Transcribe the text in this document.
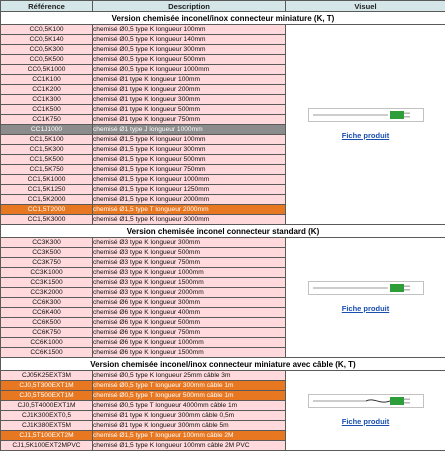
Référence	Description	Visuel
Version chemisée inconel/inox connecteur miniature (K, T)		
CC0,5K100	chemisé Ø0,5 type K longueur 100mm	Fiche produit
CC0,5K140	chemisé Ø0,5 type K longueur 140mm	
CC0,5K300	chemisé Ø0,5 type K longueur 300mm	
CC0,5K500	chemisé Ø0,5 type K longueur 500mm	
CC0,5K1000	chemisé Ø0,5 type K longueur 1000mm	
CC1K100	chemisé Ø1 type K longueur 100mm	
CC1K200	chemisé Ø1 type K longueur 200mm	
CC1K300	chemisé Ø1 type K longueur 300mm	
CC1K500	chemisé Ø1 type K longueur 500mm	
CC1K750	chemisé Ø1 type K longueur 750mm	
CC1J1000	chemisé Ø1 type J longueur 1000mm	
CC1,5K100	chemisé Ø1,5 type K longueur 100mm	
CC1,5K300	chemisé Ø1,5 type K longueur 300mm	
CC1,5K500	chemisé Ø1,5 type K longueur 500mm	
CC1,5K750	chemisé Ø1,5 type K longueur 750mm	
CC1,5K1000	chemisé Ø1,5 type K longueur 1000mm	
CC1,5K1250	chemisé Ø1,5 type K longueur 1250mm	
CC1,5K2000	chemisé Ø1,5 type K longueur 2000mm	
CC1,5T2000	chemisé Ø1,5 type T longueur 2000mm	
CC1,5K3000	chemisé Ø1,5 type K longueur 3000mm	
Version chemisée inconel connecteur standard (K)		
CC3K300	chemisé Ø3 type K longueur 300mm	Fiche produit
CC3K500	chemisé Ø3 type K longueur 500mm	
CC3K750	chemisé Ø3 type K longueur 750mm	
CC3K1000	chemisé Ø3 type K longueur 1000mm	
CC3K1500	chemisé Ø3 type K longueur 1500mm	
CC3K2000	chemisé Ø3 type K longueur 2000mm	
CC6K300	chemisé Ø6 type K longueur 300mm	
CC6K400	chemisé Ø6 type K longueur 400mm	
CC6K500	chemisé Ø6 type K longueur 500mm	
CC6K750	chemisé Ø6 type K longueur 750mm	
CC6K1000	chemisé Ø6 type K longueur 1000mm	
CC6K1500	chemisé Ø6 type K longueur 1500mm	
Version chemisée inconel/inox connecteur miniature avec câble (K, T)		
CJ05K25EXT3M	chemisé Ø0,5 type K longueur 25mm câble 3m	Fiche produit
CJ0,5T300EXT1M	chemisé Ø0,5 type T longueur 300mm câble 1m	
CJ0,5T500EXT1M	chemisé Ø0,5 type T longueur 500mm câble 1m	
CJ0,5T4000EXT1M	chemisé Ø0,5 type T longueur 4000mm câble 1m	
CJ1K300EXT0,5	chemisé Ø1 type K longueur 300mm câble 0,5m	
CJ1K380EXT5M	chemisé Ø1 type K longueur 300mm câble 5m	
CJ1,5T100EXT2M	chemisé Ø1,5 type T longueur 100mm câble 2M	
CJ1,5K100EXT2MPVC	chemisé Ø1,5 type K longueur 100mm câble 2M PVC	
